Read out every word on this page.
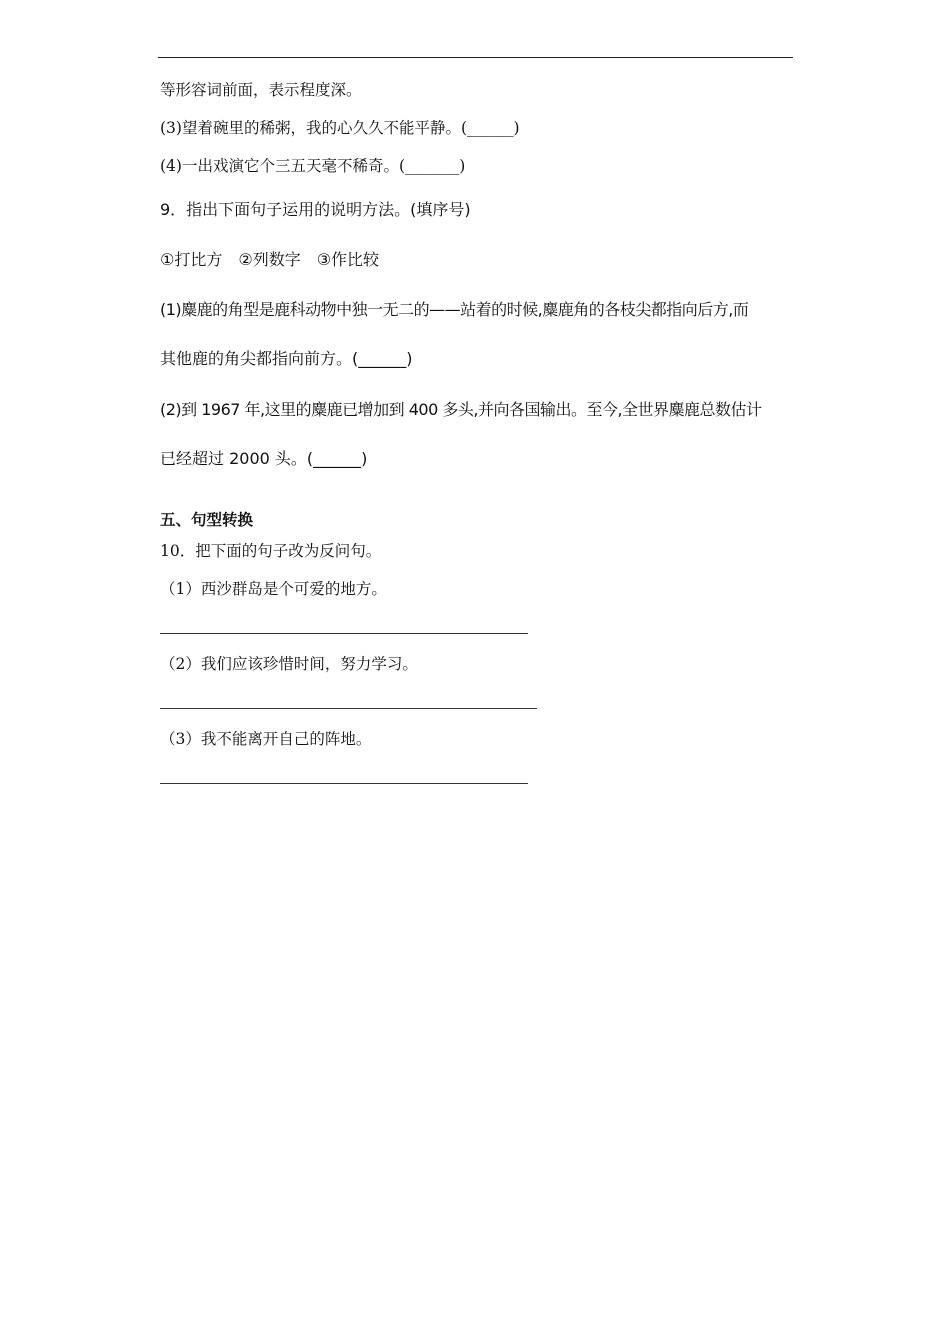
等形容词前面，表示程度深。
(3)望着碗里的稀粥，我的心久久不能平静。(______)
(4)一出戏演它个三五天毫不稀奇。(_______)
9．指出下面句子运用的说明方法。(填序号)
①打比方　②列数字　③作比较
(1)麋鹿的角型是鹿科动物中独一无二的——站着的时候,麋鹿角的各枝尖都指向后方,而
其他鹿的角尖都指向前方。(______)
(2)到 1967 年,这里的麋鹿已增加到 400 多头,并向各国输出。至今,全世界麋鹿总数估计
已经超过 2000 头。(______)
五、句型转换
10．把下面的句子改为反问句。
（1）西沙群岛是个可爱的地方。
（2）我们应该珍惜时间，努力学习。
（3）我不能离开自己的阵地。
